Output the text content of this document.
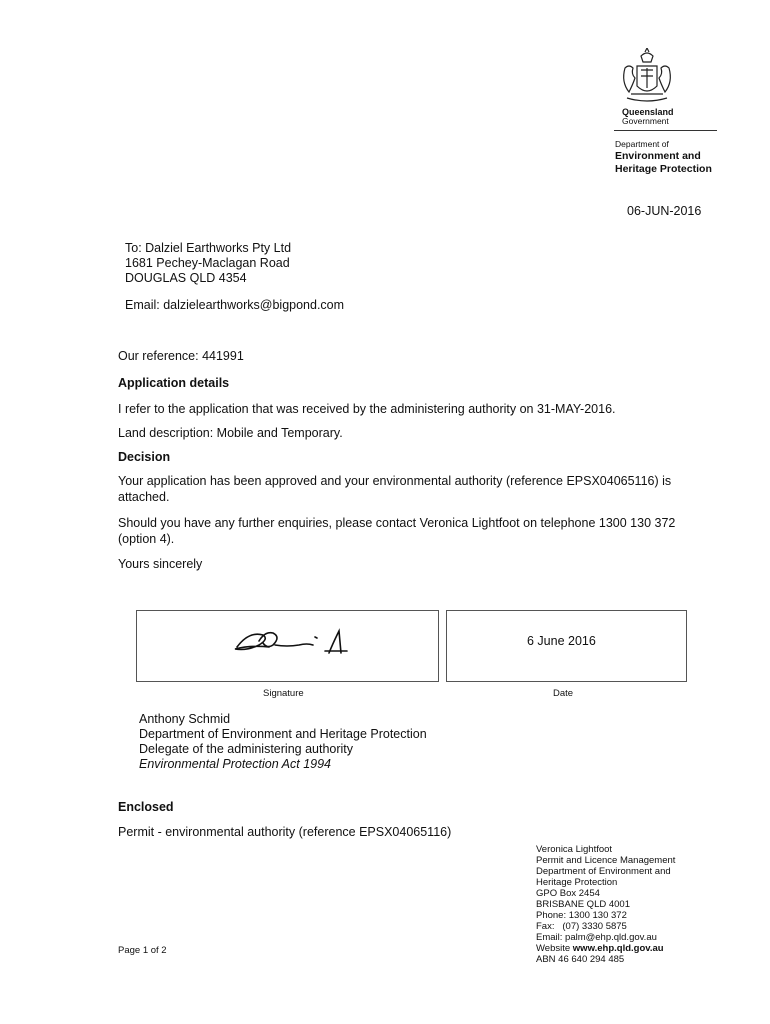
Queensland
Government
Department of
Environment and
Heritage Protection
06-JUN-2016
To: Dalziel Earthworks Pty Ltd
1681 Pechey-Maclagan Road
DOUGLAS QLD 4354
Email: dalzielearthworks@bigpond.com
Our reference: 441991
Application details
I refer to the application that was received by the administering authority on 31-MAY-2016.
Land description: Mobile and Temporary.
Decision
Your application has been approved and your environmental authority (reference EPSX04065116) is
attached.
Should you have any further enquiries, please contact Veronica Lightfoot on telephone 1300 130 372
(option 4).
Yours sincerely
6 June 2016
Signature	Date
Anthony Schmid
Department of Environment and Heritage Protection
Delegate of the administering authority
Environmental Protection Act 1994
Enclosed
Permit - environmental authority (reference EPSX04065116)
Page 1 of 2
Veronica Lightfoot
Permit and Licence Management
Department of Environment and
Heritage Protection
GPO Box 2454
BRISBANE QLD 4001
Phone: 1300 130 372
Fax:   (07) 3330 5875
Email: palm@ehp.qld.gov.au
Website www.ehp.qld.gov.au
ABN 46 640 294 485
